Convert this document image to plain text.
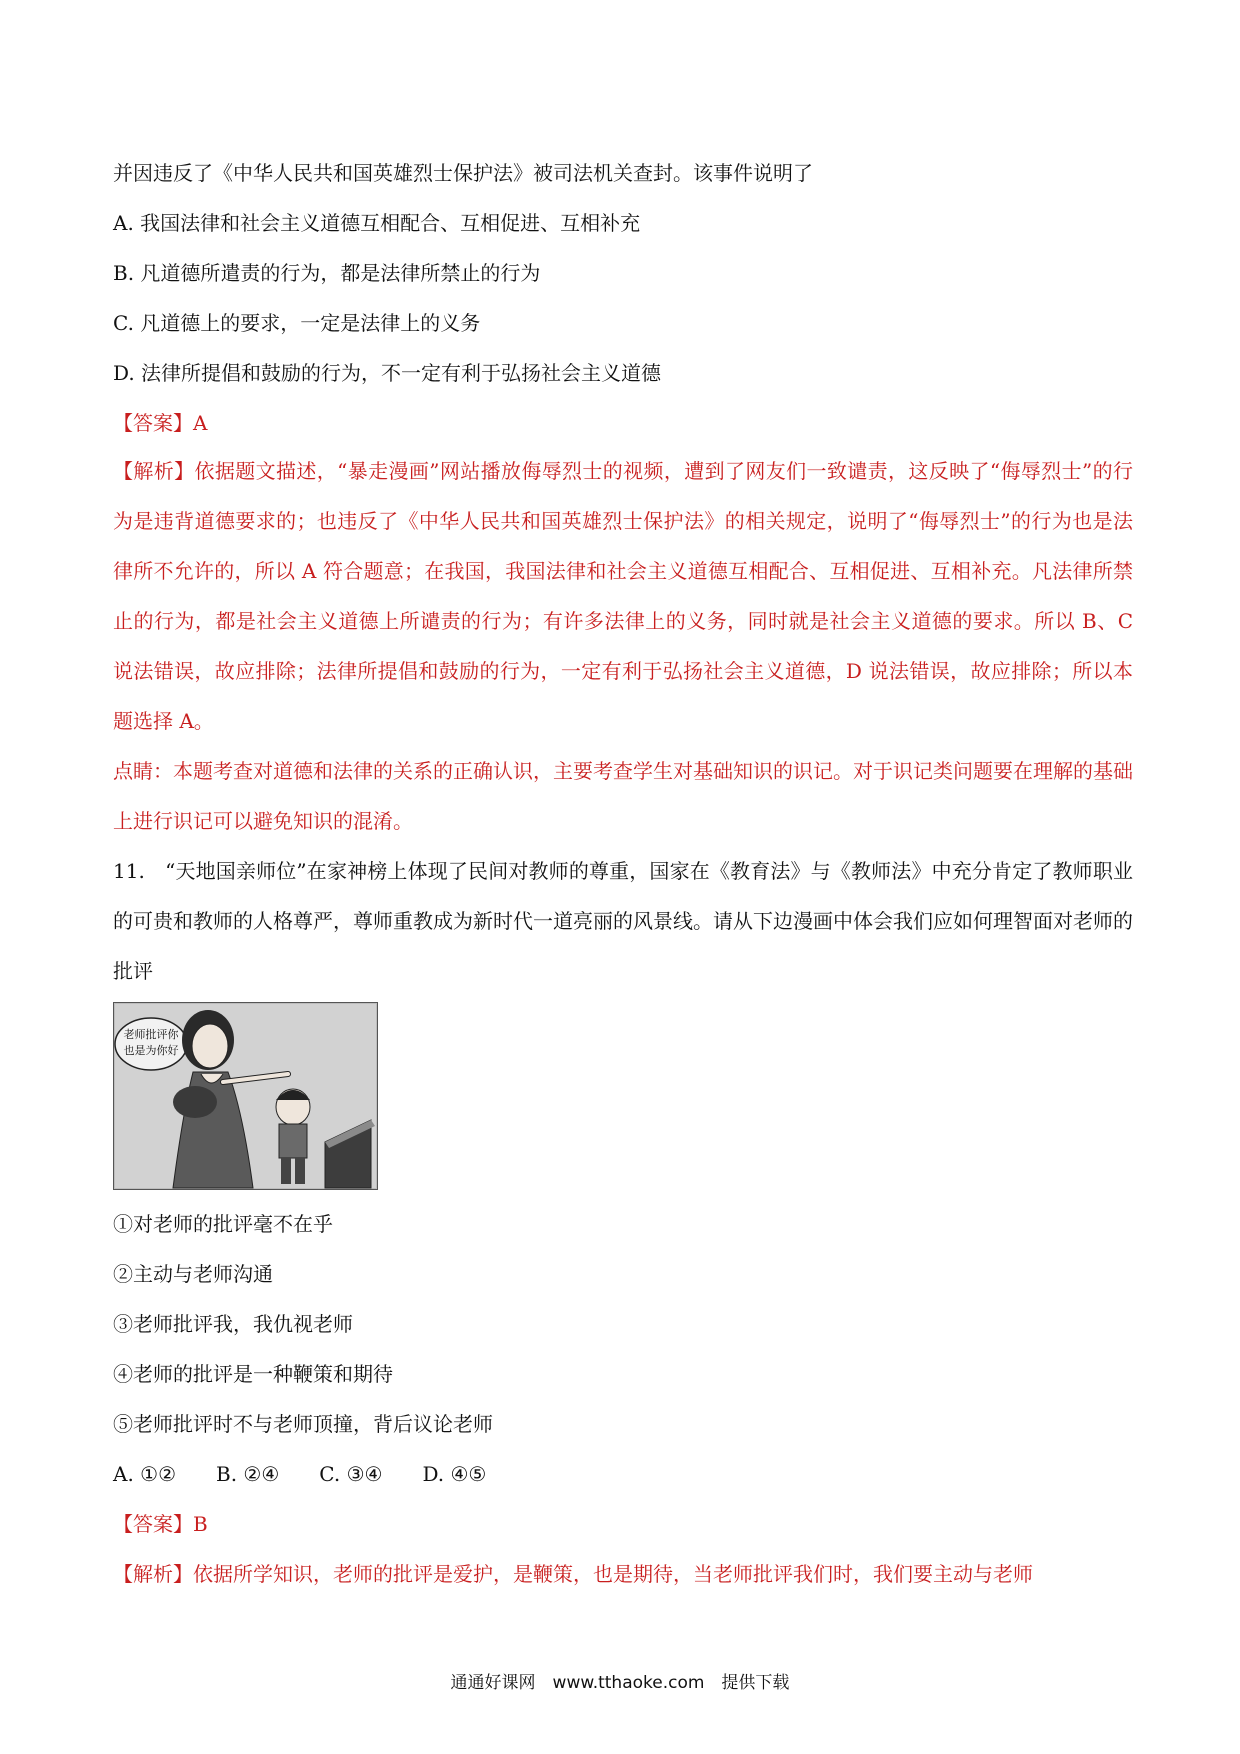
并因违反了《中华人民共和国英雄烈士保护法》被司法机关查封。该事件说明了
A. 我国法律和社会主义道德互相配合、互相促进、互相补充
B. 凡道德所遣责的行为，都是法律所禁止的行为
C. 凡道德上的要求，一定是法律上的义务
D. 法律所提倡和鼓励的行为，不一定有利于弘扬社会主义道德
【答案】A
【解析】依据题文描述，“暴走漫画”网站播放侮辱烈士的视频，遭到了网友们一致谴责，这反映了“侮辱烈士”的行为是违背道德要求的；也违反了《中华人民共和国英雄烈士保护法》的相关规定，说明了“侮辱烈士”的行为也是法律所不允许的，所以 A 符合题意；在我国，我国法律和社会主义道德互相配合、互相促进、互相补充。凡法律所禁止的行为，都是社会主义道德上所谴责的行为；有许多法律上的义务，同时就是社会主义道德的要求。所以 B、C 说法错误，故应排除；法律所提倡和鼓励的行为，一定有利于弘扬社会主义道德，D 说法错误，故应排除；所以本题选择 A。
点睛：本题考查对道德和法律的关系的正确认识，主要考查学生对基础知识的识记。对于识记类问题要在理解的基础上进行识记可以避免知识的混淆。
11.　“天地国亲师位”在家神榜上体现了民间对教师的尊重，国家在《教育法》与《教师法》中充分肯定了教师职业的可贵和教师的人格尊严，尊师重教成为新时代一道亮丽的风景线。请从下边漫画中体会我们应如何理智面对老师的批评
老师批评你
也是为你好
①对老师的批评毫不在乎
②主动与老师沟通
③老师批评我，我仇视老师
④老师的批评是一种鞭策和期待
⑤老师批评时不与老师顶撞，背后议论老师
A. ①②　　B. ②④　　C. ③④　　D. ④⑤
【答案】B
【解析】依据所学知识，老师的批评是爱护，是鞭策，也是期待，当老师批评我们时，我们要主动与老师
通通好课网　www.tthaoke.com　提供下载
